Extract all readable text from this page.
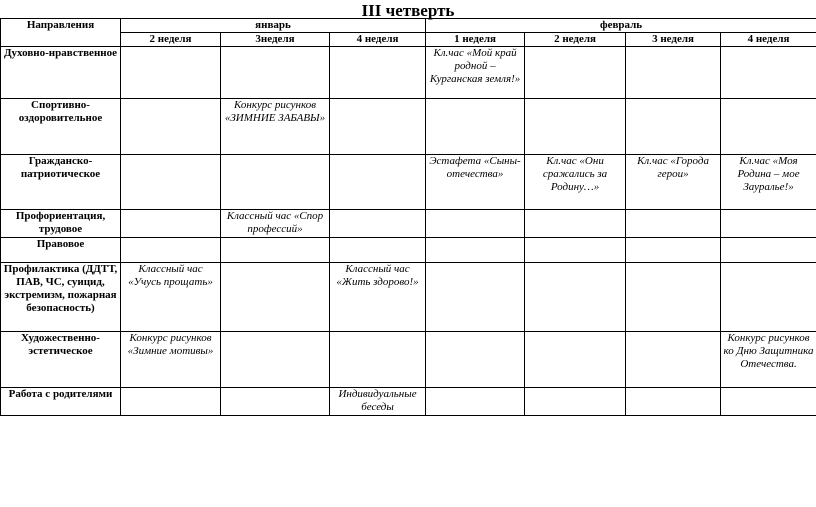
III четверть
Направления	январь			февраль			
	2 неделя	3неделя	4 неделя	1 неделя	2 неделя	3 неделя	4 неделя
Духовно-нравственное				Кл.час «Мой край родной – Курганская земля!»			
Спортивно-оздоровительное		Конкурс рисунков «ЗИМНИЕ ЗАБАВЫ»					
Гражданско-патриотическое				Эстафета «Сыны-отечества»	Кл.час «Они сражались за Родину…»	Кл.час «Города герои»	Кл.час «Моя Родина – мое Зауралье!»
Профориентация, трудовое		Классный час «Спор профессий»					
Правовое							
Профилактика (ДДТТ, ПАВ, ЧС, суицид, экстремизм, пожарная безопасность)	Классный час «Учусь прощать»		Классный час «Жить здорово!»				
Художественно-эстетическое	Конкурс рисунков «Зимние мотивы»						Конкурс рисунков ко Дню Защитника Отечества.
Работа с родителями			Индивидуальные беседы				
